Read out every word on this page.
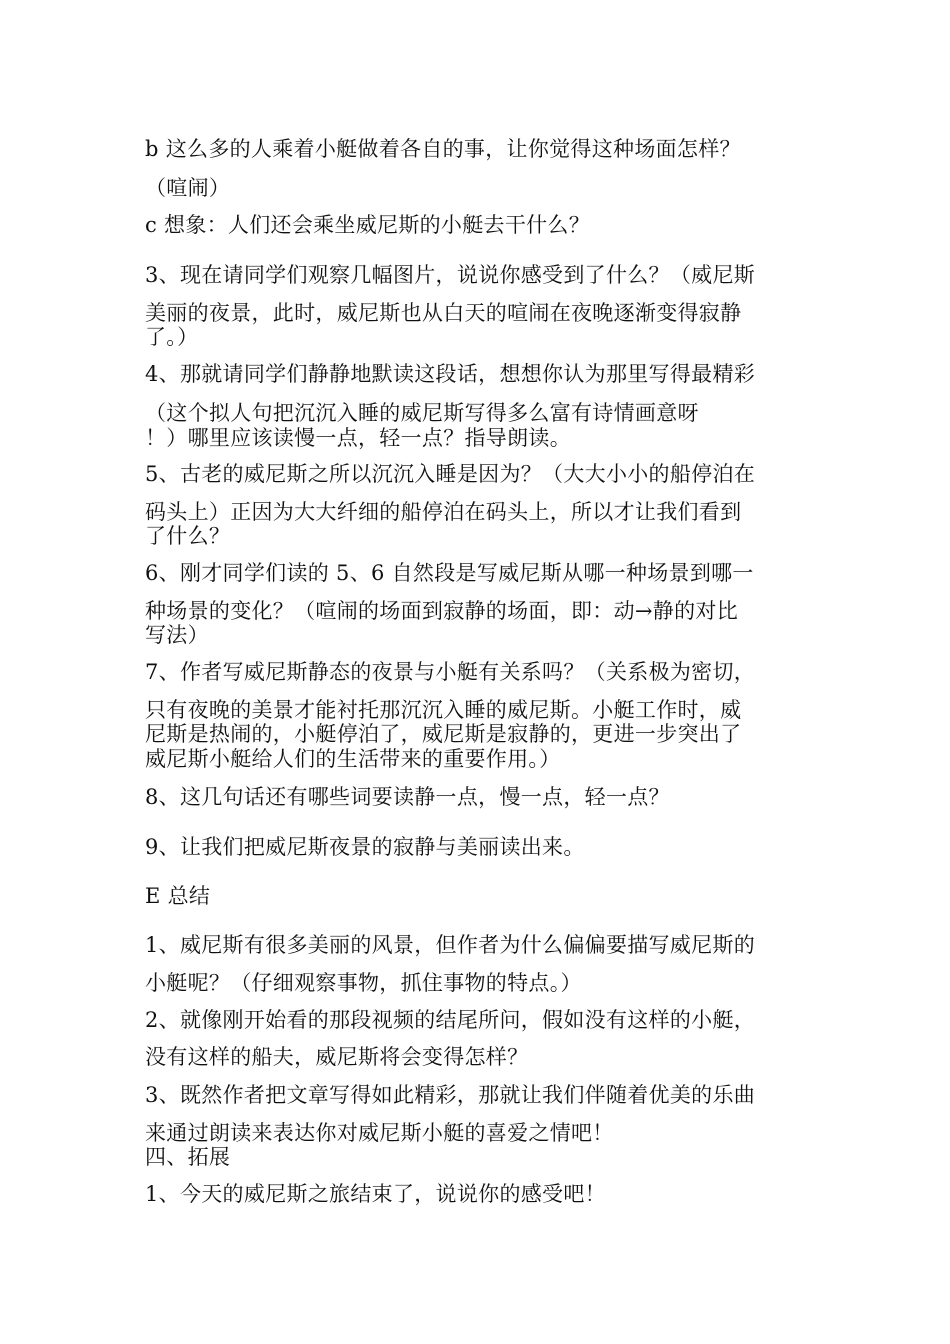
b 这么多的人乘着小艇做着各自的事，让你觉得这种场面怎样？
（喧闹）
c 想象：人们还会乘坐威尼斯的小艇去干什么？
3、现在请同学们观察几幅图片，说说你感受到了什么？（威尼斯
美丽的夜景，此时，威尼斯也从白天的喧闹在夜晚逐渐变得寂静
了。）
4、那就请同学们静静地默读这段话，想想你认为那里写得最精彩
（这个拟人句把沉沉入睡的威尼斯写得多么富有诗情画意呀
！）哪里应该读慢一点，轻一点？指导朗读。
5、古老的威尼斯之所以沉沉入睡是因为？（大大小小的船停泊在
码头上）正因为大大纤细的船停泊在码头上，所以才让我们看到
了什么？
6、刚才同学们读的 5、6 自然段是写威尼斯从哪一种场景到哪一
种场景的变化？（喧闹的场面到寂静的场面，即：动→静的对比
写法）
7、作者写威尼斯静态的夜景与小艇有关系吗？（关系极为密切，
只有夜晚的美景才能衬托那沉沉入睡的威尼斯。小艇工作时，威
尼斯是热闹的，小艇停泊了，威尼斯是寂静的，更进一步突出了
威尼斯小艇给人们的生活带来的重要作用。）
8、这几句话还有哪些词要读静一点，慢一点，轻一点？
9、让我们把威尼斯夜景的寂静与美丽读出来。
E 总结
1、威尼斯有很多美丽的风景，但作者为什么偏偏要描写威尼斯的
小艇呢？（仔细观察事物，抓住事物的特点。）
2、就像刚开始看的那段视频的结尾所问，假如没有这样的小艇，
没有这样的船夫，威尼斯将会变得怎样？
3、既然作者把文章写得如此精彩，那就让我们伴随着优美的乐曲
来通过朗读来表达你对威尼斯小艇的喜爱之情吧！
四、拓展
1、今天的威尼斯之旅结束了，说说你的感受吧！
